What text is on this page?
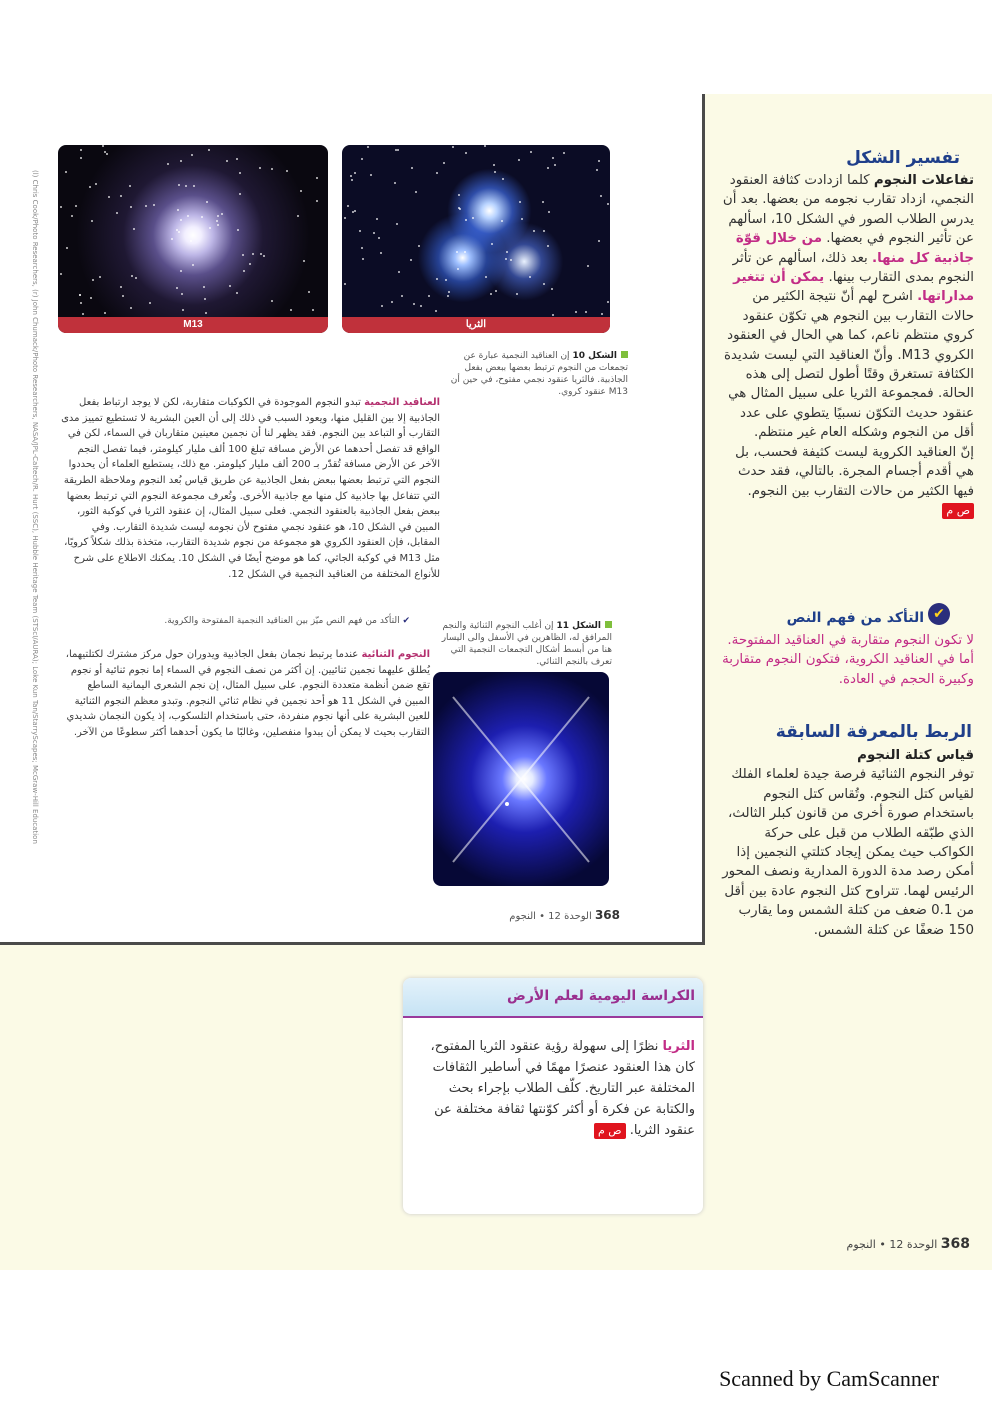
(l) Chris Cook/Photo Researchers, (r) John Chumack/Photo Researchers, NASA/JPL-Caltech/R. Hurt (SSC), Hubble Heritage Team (STScI/AURA); Loke Kun Tan/StarryScapes; McGraw-Hill Education	M13	الثريا
الشكل 10 إن العناقيد النجمية عبارة عن تجمعات من النجوم ترتبط بعضها ببعض بفعل الجاذبية. فالثريا عنقود نجمي مفتوح، في حين أن M13 عنقود كروي.
العناقيد النجمية تبدو النجوم الموجودة في الكوكبات متقاربة، لكن لا يوجد ارتباط بفعل الجاذبية إلا بين القليل منها، ويعود السبب في ذلك إلى أن العين البشرية لا تستطيع تمييز مدى التقارب أو التباعد بين النجوم. فقد يظهر لنا أن نجمين معينين متقاربان في السماء، لكن في الواقع قد تفصل أحدهما عن الأرض مسافة تبلغ 100 ألف مليار كيلومتر، فيما تفصل النجم الآخر عن الأرض مسافة تُقدّر بـ 200 ألف مليار كيلومتر. مع ذلك، يستطيع العلماء أن يحددوا النجوم التي ترتبط بعضها ببعض بفعل الجاذبية عن طريق قياس بُعد النجوم وملاحظة الطريقة التي تتفاعل بها جاذبية كل منها مع جاذبية الأخرى. وتُعرف مجموعة النجوم التي ترتبط بعضها ببعض بفعل الجاذبية بالعنقود النجمي. فعلى سبيل المثال، إن عنقود الثريا في كوكبة الثور، المبين في الشكل 10، هو عنقود نجمي مفتوح لأن نجومه ليست شديدة التقارب. وفي المقابل، فإن العنقود الكروي هو مجموعة من نجوم شديدة التقارب، متخذة بذلك شكلاً كرويًا، مثل M13 في كوكبة الجاثي، كما هو موضح أيضًا في الشكل 10. يمكنك الاطلاع على شرح للأنواع المختلفة من العناقيد النجمية في الشكل 12.
✔ التأكد من فهم النص ميّز بين العناقيد النجمية المفتوحة والكروية.	الشكل 11 إن أغلب النجوم الثنائية والنجم المرافق له، الظاهرين في الأسفل والى اليسار هنا من أبسط أشكال التجمعات النجمية التي تعرف بالنجم الثنائي.
النجوم الثنائية عندما يرتبط نجمان بفعل الجاذبية ويدوران حول مركز مشترك لكتلتيهما، يُطلق عليهما نجمين ثنائيين. إن أكثر من نصف النجوم في السماء إما نجوم ثنائية أو نجوم تقع ضمن أنظمة متعددة النجوم. على سبيل المثال، إن نجم الشعرى اليمانية الساطع المبين في الشكل 11 هو أحد نجمين في نظام ثنائي النجوم. وتبدو معظم النجوم الثنائية للعين البشرية على أنها نجوم منفردة، حتى باستخدام التلسكوب، إذ يكون النجمان شديدي التقارب بحيث لا يمكن أن يبدوا منفصلين، وغالبًا ما يكون أحدهما أكثر سطوعًا من الآخر.
368 الوحدة 12 • النجوم
تفسير الشكل
تفاعلات النجوم كلما ازدادت كثافة العنقود النجمي، ازداد تقارب نجومه من بعضها. بعد أن يدرس الطلاب الصور في الشكل 10، اسألهم عن تأثير النجوم في بعضها. من خلال قوّة جاذبية كل منها. بعد ذلك، اسألهم عن تأثر النجوم بمدى التقارب بينها. يمكن أن تتغير مداراتها. اشرح لهم أنّ نتيجة الكثير من حالات التقارب بين النجوم هي تكوّن عنقود كروي منتظم ناعم، كما هي الحال في العنقود الكروي M13. وأنّ العناقيد التي ليست شديدة الكثافة تستغرق وقتًا أطول لتصل إلى هذه الحالة. فمجموعة الثريا على سبيل المثال هي عنقود حديث التكوّن نسبيًا يتطوي على عدد أقل من النجوم وشكله العام غير منتظم.
إنّ العناقيد الكروية ليست كثيفة فحسب، بل هي أقدم أجسام المجرة. بالتالي، فقد حدث فيها الكثير من حالات التقارب بين النجوم. ص م
✔
التأكد من فهم النص
لا تكون النجوم متقاربة في العناقيد المفتوحة. أما في العناقيد الكروية، فتكون النجوم متقاربة وكبيرة الحجم في العادة.
الربط بالمعرفة السابقة
قياس كتلة النجوم
توفر النجوم الثنائية فرصة جيدة لعلماء الفلك لقياس كتل النجوم. وتُقاس كتل النجوم باستخدام صورة أخرى من قانون كبلر الثالث، الذي طبّقه الطلاب من قبل على حركة الكواكب حيث يمكن إيجاد كتلتي النجمين إذا أمكن رصد مدة الدورة المدارية ونصف المحور الرئيس لهما. تتراوح كتل النجوم عادة بين أقل من 0.1 ضعف من كتلة الشمس وما يقارب 150 ضعفًا عن كتلة الشمس.
الكراسة اليومية لعلم الأرض
الثريا نظرًا إلى سهولة رؤية عنقود الثريا المفتوح، كان هذا العنقود عنصرًا مهمًا في أساطير الثقافات المختلفة عبر التاريخ. كلّف الطلاب بإجراء بحث والكتابة عن فكرة أو أكثر كوّنتها ثقافة مختلفة عن عنقود الثريا. ص م
368 الوحدة 12 • النجوم
Scanned by CamScanner
